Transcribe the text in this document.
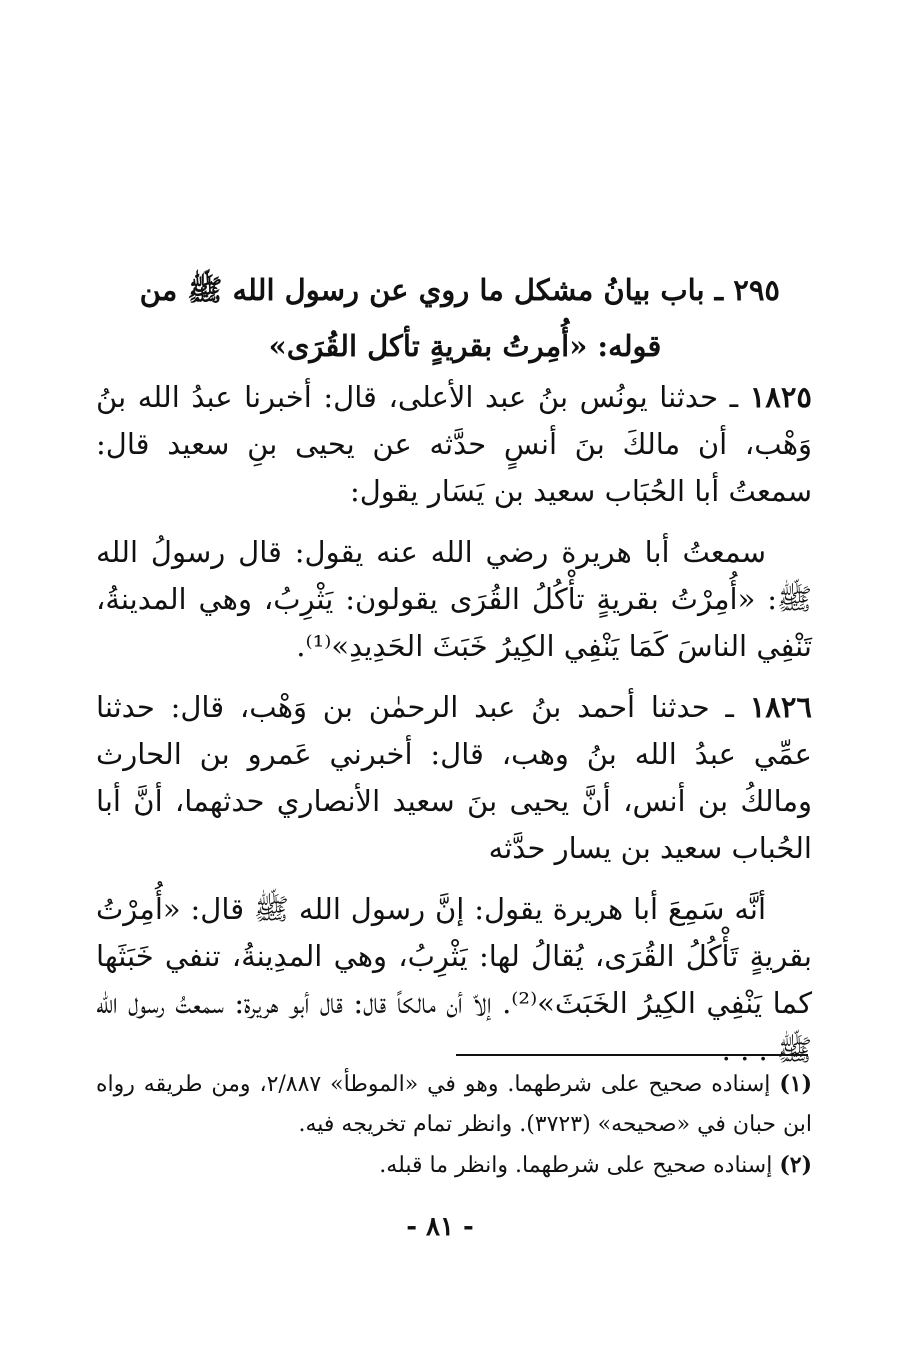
٢٩٥ ـ باب بيانُ مشكل ما روي عن رسول الله ﷺ من
قوله: «أُمِرتُ بقريةٍ تأكل القُرَى»

١٨٢٥ ـ حدثنا يونُس بنُ عبد الأعلى، قال: أخبرنا عبدُ الله بنُ وَهْب، أن مالكَ بنَ أنسٍ حدَّثه عن يحيى بنِ سعيد قال: سمعتُ أبا الحُبَاب سعيد بن يَسَار يقول:

سمعتُ أبا هريرة رضي الله عنه يقول: قال رسولُ الله ﷺ: «أُمِرْتُ بقريةٍ تأْكُلُ القُرَى يقولون: يَثْرِبُ، وهي المدينةُ، تَنْفِي الناسَ كَمَا يَنْفِي الكِيرُ خَبَثَ الحَدِيدِ»⁽¹⁾.

١٨٢٦ ـ حدثنا أحمد بنُ عبد الرحمٰن بن وَهْب، قال: حدثنا عمِّي عبدُ الله بنُ وهب، قال: أخبرني عَمرو بن الحارث ومالكُ بن أنس، أنَّ يحيى بنَ سعيد الأنصاري حدثهما، أنَّ أبا الحُباب سعيد بن يسار حدَّثه

أنَّه سَمِعَ أبا هريرة يقول: إنَّ رسول الله ﷺ قال: «أُمِرْتُ بقريةٍ تَأْكُلُ القُرَى، يُقالُ لها: يَثْرِبُ، وهي المدِينةُ، تنفي خَبَثَها كما يَنْفِي الكِيرُ الخَبَثَ»⁽²⁾. إلاّ أن مالكاً قال: قال أبو هريرة: سمعتُ رسول الله ﷺ . . .

(١) إسناده صحيح على شرطهما. وهو في «الموطأ» ٢/٨٨٧، ومن طريقه رواه ابن حبان في «صحيحه» (٣٧٢٣). وانظر تمام تخريجه فيه.

(٢) إسناده صحيح على شرطهما. وانظر ما قبله.

- ٨١ -
